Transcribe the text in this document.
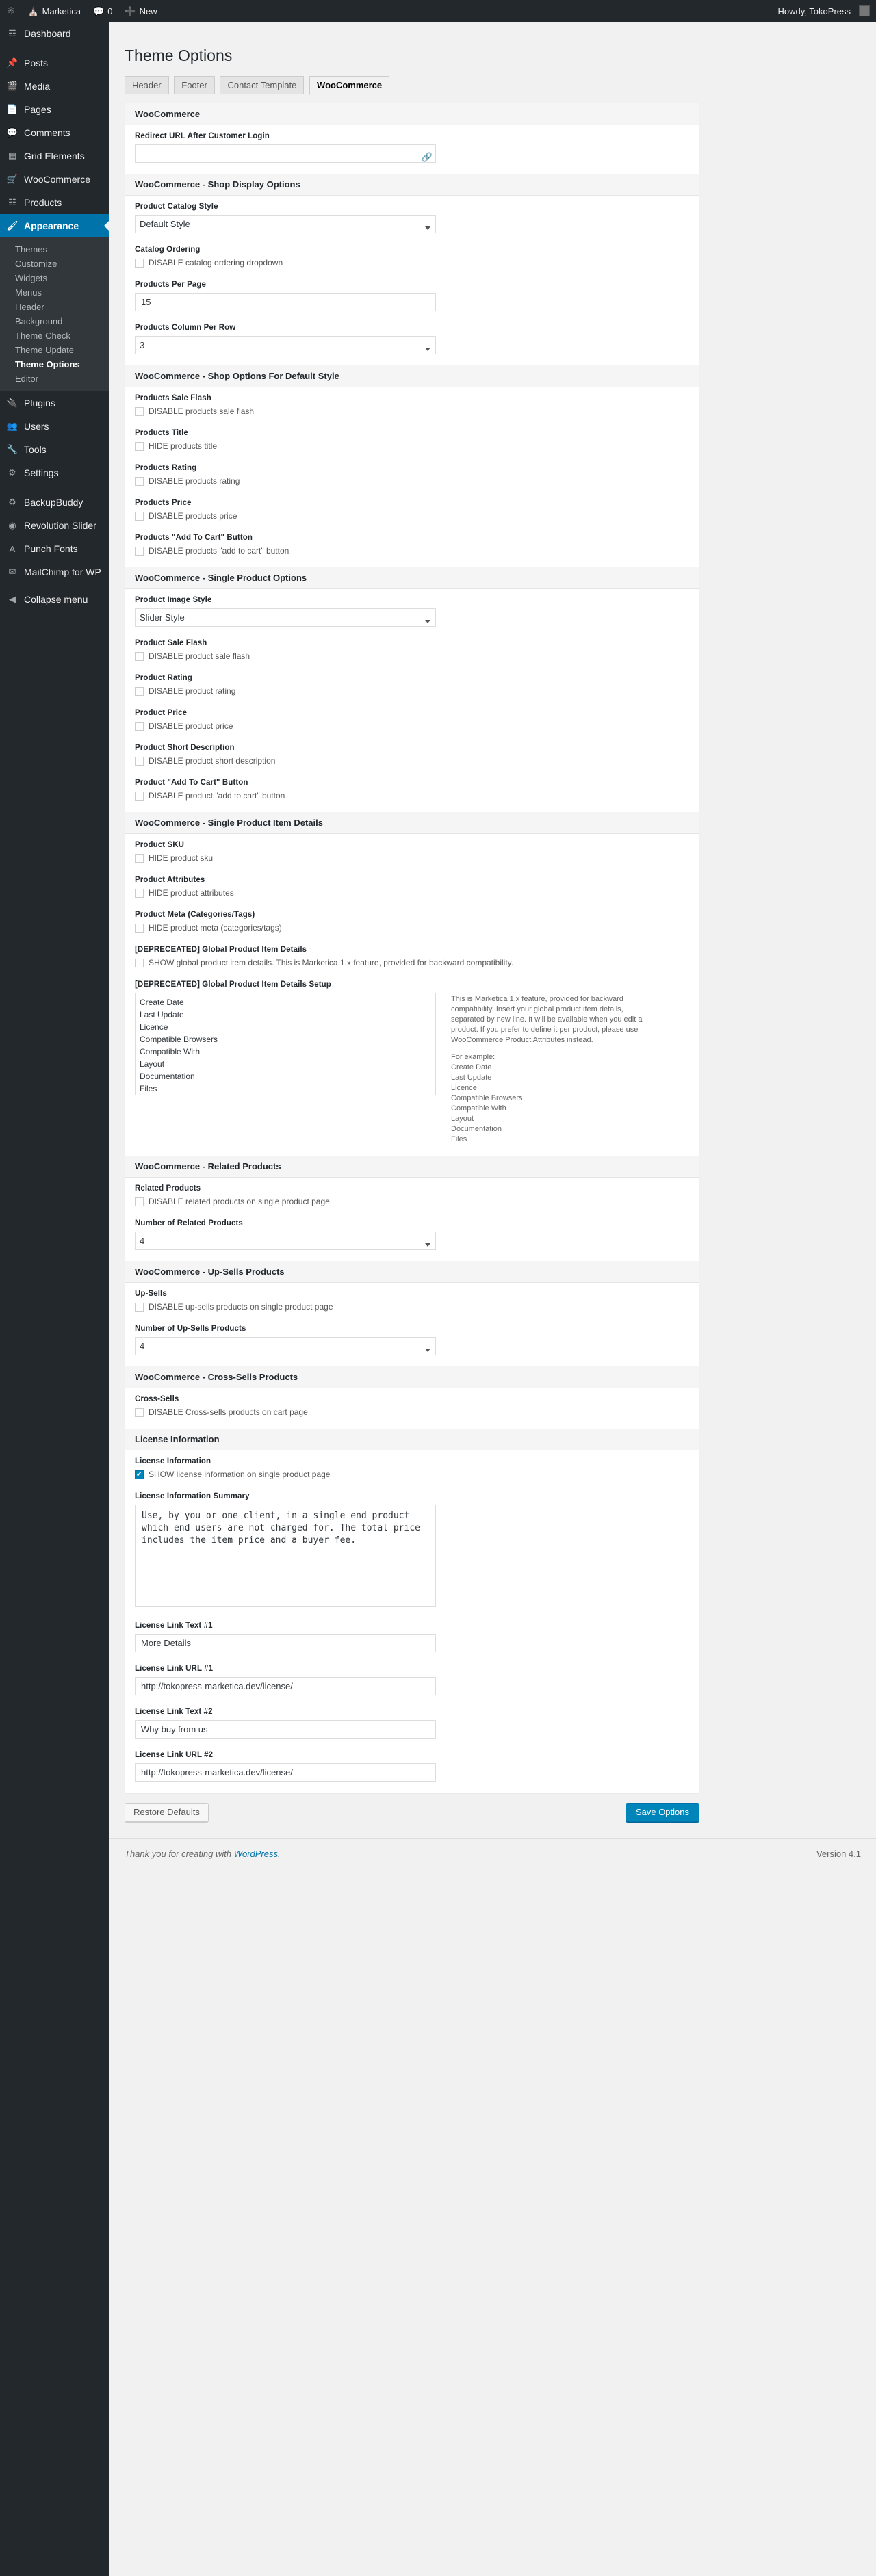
⚛ ⛪ Marketica 💬 0 ➕ New	Howdy, TokoPress
☶ Dashboard
📌 Posts
🎬 Media
📄 Pages
💬 Comments
▦ Grid Elements
🛒 WooCommerce
☷ Products
🖌 Appearance
Themes
Customize
Widgets
Menus
Header
Background
Theme Check
Theme Update
Theme Options
Editor
🔌 Plugins
👥 Users
🔧 Tools
⚙ Settings
♻ BackupBuddy
◉ Revolution Slider
A Punch Fonts
✉ MailChimp for WP
◀ Collapse menu
Theme Options
Header Footer Contact Template WooCommerce
WooCommerce
Redirect URL After Customer Login
🔗
WooCommerce - Shop Display Options
Product Catalog Style
Default Style
Catalog Ordering
DISABLE catalog ordering dropdown
Products Per Page
15
Products Column Per Row
3
WooCommerce - Shop Options For Default Style
Products Sale Flash
DISABLE products sale flash
Products Title
HIDE products title
Products Rating
DISABLE products rating
Products Price
DISABLE products price
Products "Add To Cart" Button
DISABLE products "add to cart" button
WooCommerce - Single Product Options
Product Image Style
Slider Style
Product Sale Flash
DISABLE product sale flash
Product Rating
DISABLE product rating
Product Price
DISABLE product price
Product Short Description
DISABLE product short description
Product "Add To Cart" Button
DISABLE product "add to cart" button
WooCommerce - Single Product Item Details
Product SKU
HIDE product sku
Product Attributes
HIDE product attributes
Product Meta (Categories/Tags)
HIDE product meta (categories/tags)
[DEPRECEATED] Global Product Item Details
SHOW global product item details. This is Marketica 1.x feature, provided for backward compatibility.
[DEPRECEATED] Global Product Item Details Setup
Create Date
Last Update
Licence
Compatible Browsers
Compatible With
Layout
Documentation
Files

This is Marketica 1.x feature, provided for backward compatibility. Insert your global product item details, separated by new line. It will be available when you edit a product. If you prefer to define it per product, please use WooCommerce Product Attributes instead.

For example:
Create Date
Last Update
Licence
Compatible Browsers
Compatible With
Layout
Documentation
Files
WooCommerce - Related Products
Related Products
DISABLE related products on single product page
Number of Related Products
4
WooCommerce - Up-Sells Products
Up-Sells
DISABLE up-sells products on single product page
Number of Up-Sells Products
4
WooCommerce - Cross-Sells Products
Cross-Sells
DISABLE Cross-sells products on cart page
License Information
License Information
✔
SHOW license information on single product page
License Information Summary
Use, by you or one client, in a single end product which end users are not charged for. The total price includes the item price and a buyer fee.
License Link Text #1
More Details
License Link URL #1
http://tokopress-marketica.dev/license/
License Link Text #2
Why buy from us
License Link URL #2
http://tokopress-marketica.dev/license/
Restore Defaults	Save Options
Thank you for creating with WordPress.	Version 4.1
